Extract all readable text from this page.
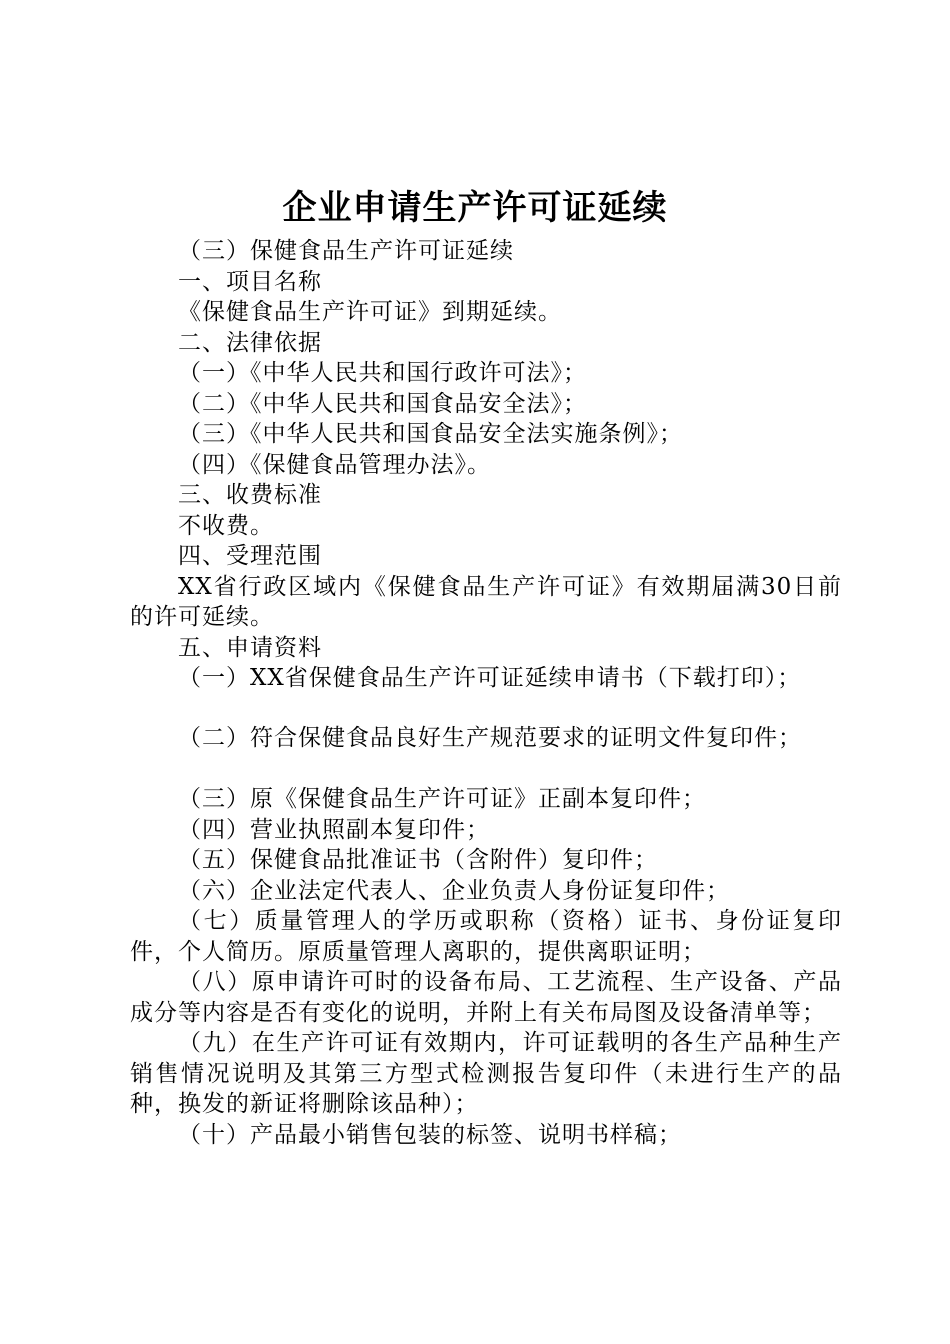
企业申请生产许可证延续

（三）保健食品生产许可证延续

一、项目名称

《保健食品生产许可证》到期延续。

二、法律依据

（一）《中华人民共和国行政许可法》；

（二）《中华人民共和国食品安全法》；

（三）《中华人民共和国食品安全法实施条例》；

（四）《保健食品管理办法》。

三、收费标准

不收费。

四、受理范围

XX省行政区域内《保健食品生产许可证》有效期届满30日前的许可延续。

五、申请资料

（一）XX省保健食品生产许可证延续申请书（下载打印）；

（二）符合保健食品良好生产规范要求的证明文件复印件；

（三）原《保健食品生产许可证》正副本复印件；

（四）营业执照副本复印件；

（五）保健食品批准证书（含附件）复印件；

（六）企业法定代表人、企业负责人身份证复印件；

（七）质量管理人的学历或职称（资格）证书、身份证复印件，个人简历。原质量管理人离职的，提供离职证明；

（八）原申请许可时的设备布局、工艺流程、生产设备、产品成分等内容是否有变化的说明，并附上有关布局图及设备清单等；

（九）在生产许可证有效期内，许可证载明的各生产品种生产销售情况说明及其第三方型式检测报告复印件（未进行生产的品种，换发的新证将删除该品种）；

（十）产品最小销售包装的标签、说明书样稿；
